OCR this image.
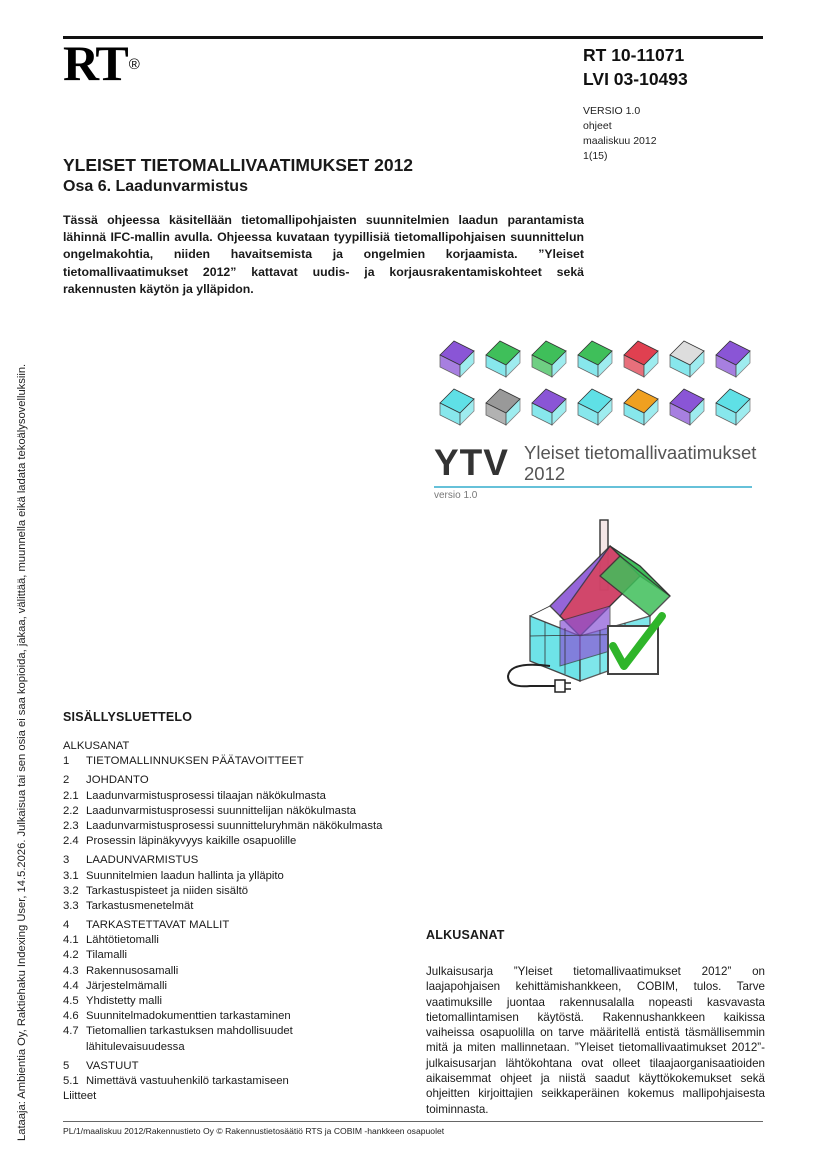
RT ®	RT 10-11071
LVI 03-10493
VERSIO 1.0
ohjeet
maaliskuu 2012
1(15)
YLEISET TIETOMALLIVAATIMUKSET 2012
Osa 6. Laadunvarmistus
Tässä ohjeessa käsitellään tietomallipohjaisten suunnitelmien laadun parantamista lähinnä IFC-mallin avulla. Ohjeessa kuvataan tyypillisiä tietomallipohjaisen suunnittelun ongelmakohtia, niiden havaitsemista ja ongelmien korjaamista. ”Yleiset tietomallivaatimukset 2012” kattavat uudis- ja korjausrakentamiskohteet sekä rakennusten käytön ja ylläpidon.
Lataaja: Ambientia Oy, Raktiehaku Indexing User, 14.5.2026. Julkaisua tai sen osia ei saa kopioida, jakaa, välittää, muunnella eikä ladata tekoälysovelluksiin.	YTV Yleiset tietomallivaatimukset
2012
versio 1.0
SISÄLLYSLUETTELO
ALKUSANAT
1 TIETOMALLINNUKSEN PÄÄTAVOITTEET
2 JOHDANTO
2.1 Laadunvarmistusprosessi tilaajan näkökulmasta
2.2 Laadunvarmistusprosessi suunnittelijan näkökulmasta
2.3 Laadunvarmistusprosessi suunnitteluryhmän näkökulmasta
2.4 Prosessin läpinäkyvyys kaikille osapuolille
3 LAADUNVARMISTUS
3.1 Suunnitelmien laadun hallinta ja ylläpito
3.2 Tarkastuspisteet ja niiden sisältö
3.3 Tarkastusmenetelmät
4 TARKASTETTAVAT MALLIT
4.1 Lähtötietomalli
4.2 Tilamalli
4.3 Rakennusosamalli
4.4 Järjestelmämalli
4.5 Yhdistetty malli
4.6 Suunnitelmadokumenttien tarkastaminen
4.7 Tietomallien tarkastuksen mahdollisuudet
lähitulevaisuudessa
5 VASTUUT
5.1 Nimettävä vastuuhenkilö tarkastamiseen
Liitteet
ALKUSANAT
Julkaisusarja ”Yleiset tietomallivaatimukset 2012” on laajapohjaisen kehittämishankkeen, COBIM, tulos. Tarve vaatimuksille juontaa rakennusalalla nopeasti kasvavasta tietomallintamisen käytöstä. Rakennushankkeen kaikissa vaiheissa osapuolilla on tarve määritellä entistä täsmällisemmin mitä ja miten mallinnetaan. ”Yleiset tietomallivaatimukset 2012”-julkaisusarjan lähtökohtana ovat olleet tilaajaorganisaatioiden aikaisemmat ohjeet ja niistä saadut käyttökokemukset sekä ohjeitten kirjoittajien seikkaperäinen kokemus mallipohjaisesta toiminnasta.
PL/1/maaliskuu 2012/Rakennustieto Oy © Rakennustietosäätiö RTS ja COBIM -hankkeen osapuolet
